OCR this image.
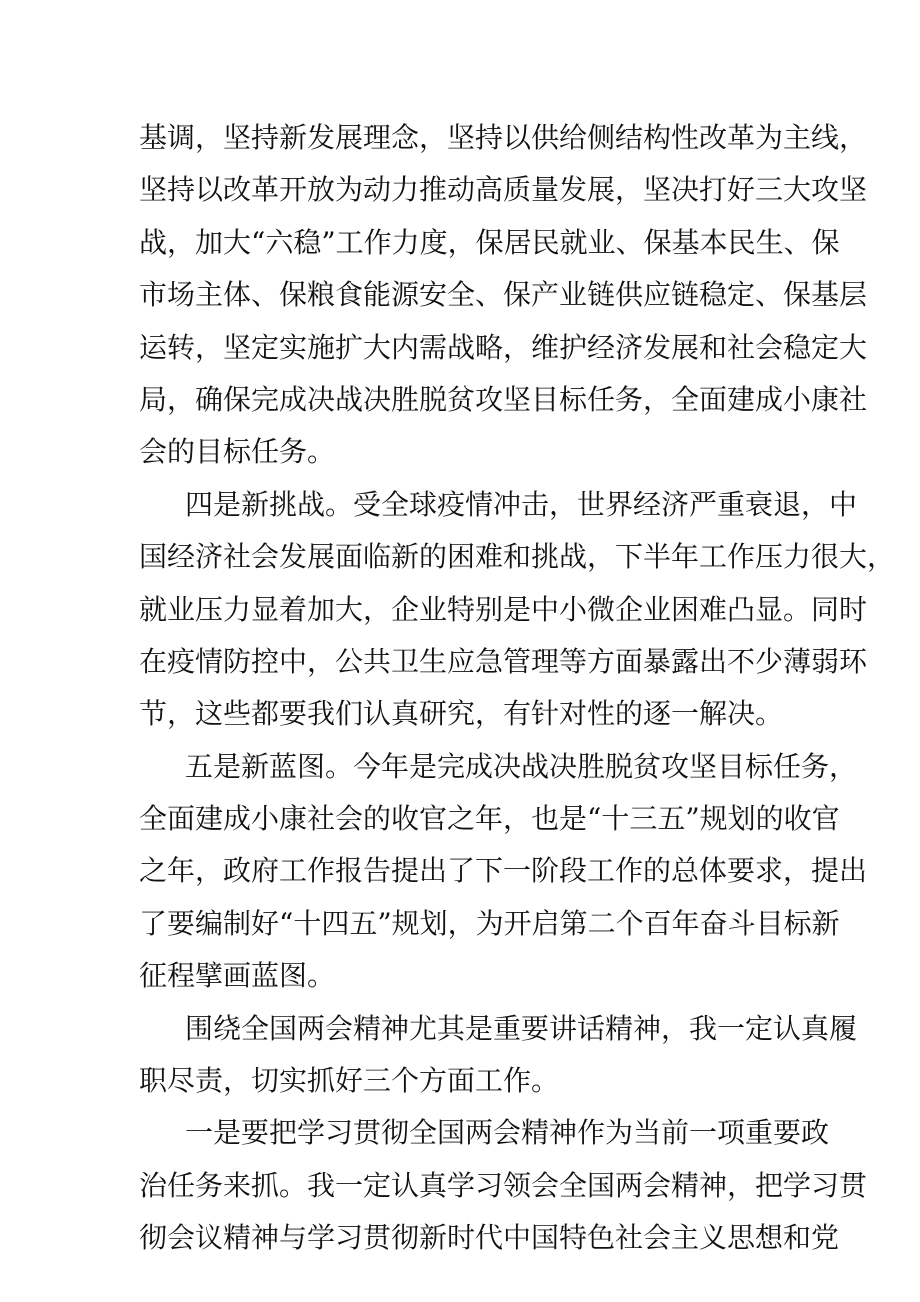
基调，坚持新发展理念，坚持以供给侧结构性改革为主线，
坚持以改革开放为动力推动高质量发展，坚决打好三大攻坚
战，加大“六稳”工作力度，保居民就业、保基本民生、保
市场主体、保粮食能源安全、保产业链供应链稳定、保基层
运转，坚定实施扩大内需战略，维护经济发展和社会稳定大
局，确保完成决战决胜脱贫攻坚目标任务，全面建成小康社
会的目标任务。
四是新挑战。受全球疫情冲击，世界经济严重衰退，中
国经济社会发展面临新的困难和挑战，下半年工作压力很大，
就业压力显着加大，企业特别是中小微企业困难凸显。同时
在疫情防控中，公共卫生应急管理等方面暴露出不少薄弱环
节，这些都要我们认真研究，有针对性的逐一解决。
五是新蓝图。今年是完成决战决胜脱贫攻坚目标任务，
全面建成小康社会的收官之年，也是“十三五”规划的收官
之年，政府工作报告提出了下一阶段工作的总体要求，提出
了要编制好“十四五”规划，为开启第二个百年奋斗目标新
征程擘画蓝图。
围绕全国两会精神尤其是重要讲话精神，我一定认真履
职尽责，切实抓好三个方面工作。
一是要把学习贯彻全国两会精神作为当前一项重要政
治任务来抓。我一定认真学习领会全国两会精神，把学习贯
彻会议精神与学习贯彻新时代中国特色社会主义思想和党
